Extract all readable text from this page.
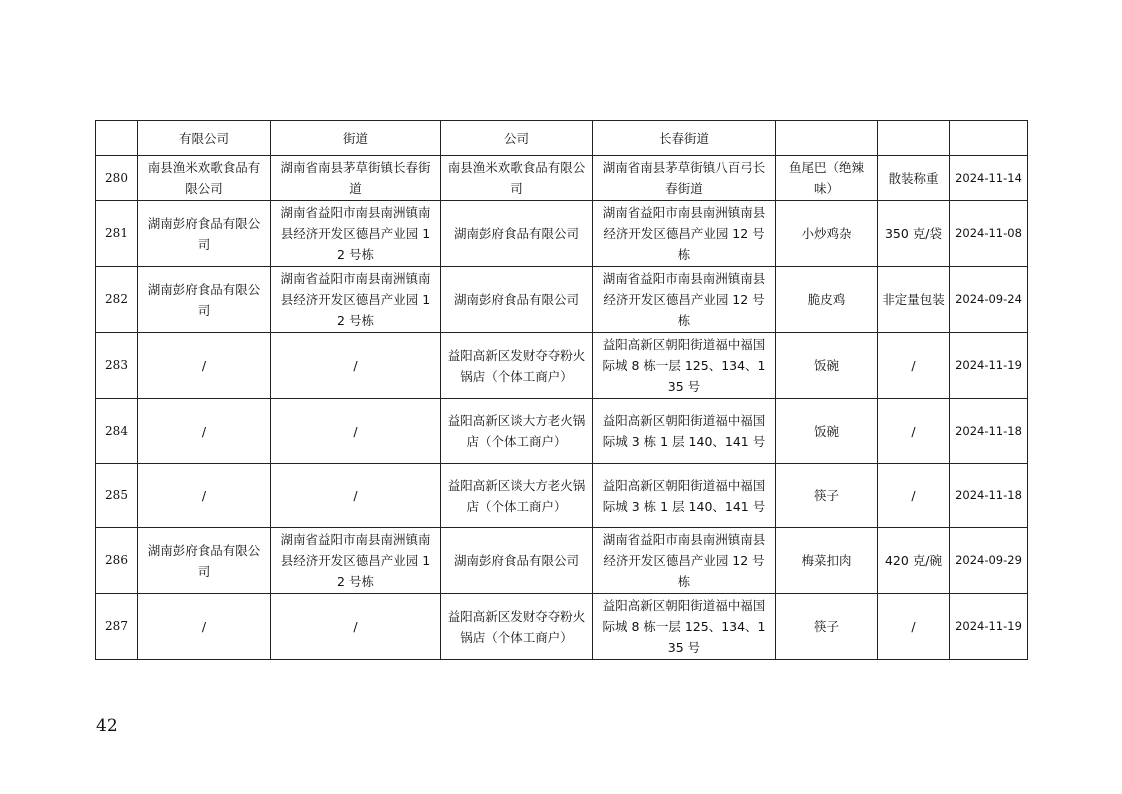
	有限公司	街道	公司	长春街道			
280	南县渔米欢歌食品有限公司	湖南省南县茅草街镇长春街道	南县渔米欢歌食品有限公司	湖南省南县茅草街镇八百弓长春街道	鱼尾巴（绝辣味）	散装称重	2024-11-14
281	湖南彭府食品有限公司	湖南省益阳市南县南洲镇南县经济开发区德昌产业园 12 号栋	湖南彭府食品有限公司	湖南省益阳市南县南洲镇南县经济开发区德昌产业园 12 号栋	小炒鸡杂	350 克/袋	2024-11-08
282	湖南彭府食品有限公司	湖南省益阳市南县南洲镇南县经济开发区德昌产业园 12 号栋	湖南彭府食品有限公司	湖南省益阳市南县南洲镇南县经济开发区德昌产业园 12 号栋	脆皮鸡	非定量包装	2024-09-24
283	/	/	益阳高新区发财夺夺粉火锅店（个体工商户）	益阳高新区朝阳街道福中福国际城 8 栋一层 125、134、135 号	饭碗	/	2024-11-19
284	/	/	益阳高新区谈大方老火锅店（个体工商户）	益阳高新区朝阳街道福中福国际城 3 栋 1 层 140、141 号	饭碗	/	2024-11-18
285	/	/	益阳高新区谈大方老火锅店（个体工商户）	益阳高新区朝阳街道福中福国际城 3 栋 1 层 140、141 号	筷子	/	2024-11-18
286	湖南彭府食品有限公司	湖南省益阳市南县南洲镇南县经济开发区德昌产业园 12 号栋	湖南彭府食品有限公司	湖南省益阳市南县南洲镇南县经济开发区德昌产业园 12 号栋	梅菜扣肉	420 克/碗	2024-09-29
287	/	/	益阳高新区发财夺夺粉火锅店（个体工商户）	益阳高新区朝阳街道福中福国际城 8 栋一层 125、134、135 号	筷子	/	2024-11-19
42
